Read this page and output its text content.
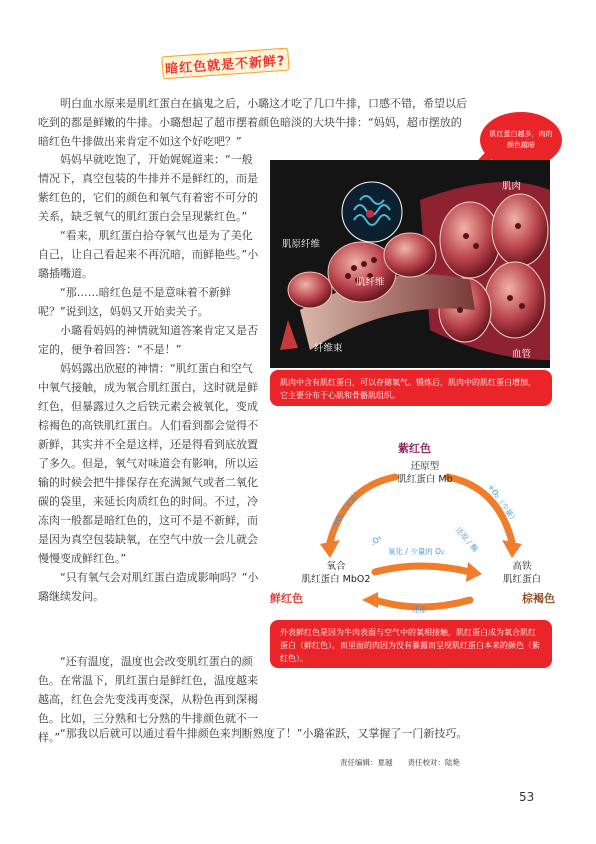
暗红色就是不新鲜?

明白血水原来是肌红蛋白在搞鬼之后，小璐这才吃了几口牛排，口感不错，希望以后吃到的都是鲜嫩的牛排。小璐想起了超市摆着颜色暗淡的大块牛排：“妈妈，超市摆放的暗红色牛排做出来肯定不如这个好吃吧？”

肌红蛋白越多，肉的颜色越暗

妈妈早就吃饱了，开始娓娓道来：“一般情况下，真空包装的牛排并不是鲜红的，而是紫红色的，它们的颜色和氧气有着密不可分的关系，缺乏氧气的肌红蛋白会呈现紫红色。”

“看来，肌红蛋白拾夺氧气也是为了美化自己，让自己看起来不再沉暗，而鲜艳些。”小璐插嘴道。

“那……暗红色是不是意味着不新鲜呢？”说到这，妈妈又开始卖关子。

小璐看妈妈的神情就知道答案肯定又是否定的，便争着回答：“不是！”

妈妈露出欣慰的神情：“肌红蛋白和空气中氧气接触，成为氧合肌红蛋白，这时就是鲜红色，但暴露过久之后铁元素会被氧化，变成棕褐色的高铁肌红蛋白。人们看到都会觉得不新鲜，其实并不全是这样，还是得看到底放置了多久。但是，氧气对味道会有影响，所以运输的时候会把牛排保存在充满氮气或者二氧化碳的袋里，来延长肉质红色的时间。不过，冷冻肉一般都是暗红色的，这可不是不新鲜，而是因为真空包装缺氧，在空气中放一会儿就会慢慢变成鲜红色。”

“只有氧气会对肌红蛋白造成影响吗？”小璐继续发问。

“还有温度，温度也会改变肌红蛋白的颜色。在常温下，肌红蛋白是鲜红色，温度越来越高，红色会先变浅再变深，从粉色再到深褐色。比如，三分熟和七分熟的牛排颜色就不一样。” “那我以后就可以通过看牛排颜色来判断熟度了！”小璐雀跃，又掌握了一门新技巧。

肌肉
肌原纤维
肌纤维
纤维束
血管
肌肉中含有肌红蛋白，可以存储氧气。锻炼后，肌肉中的肌红蛋白增加，它主要分布于心肌和骨骼肌组织。
紫红色
还原型
肌红蛋白 Mb
氧合
肌红蛋白 MbO2
高铁
肌红蛋白
鲜红色	棕褐色
+O₂（充足）
-O₂
+O₂（少量）
还原 / 酶
氧化 / 少量的 O₂
还原
外表鲜红色是因为牛肉表面与空气中的氧相接触，肌红蛋白成为氧合肌红蛋白（鲜红色），而里面的肉因为没有暴露而呈现肌红蛋白本来的颜色（紫红色）。
责任编辑：夏越　　责任校对：陆艳
53
